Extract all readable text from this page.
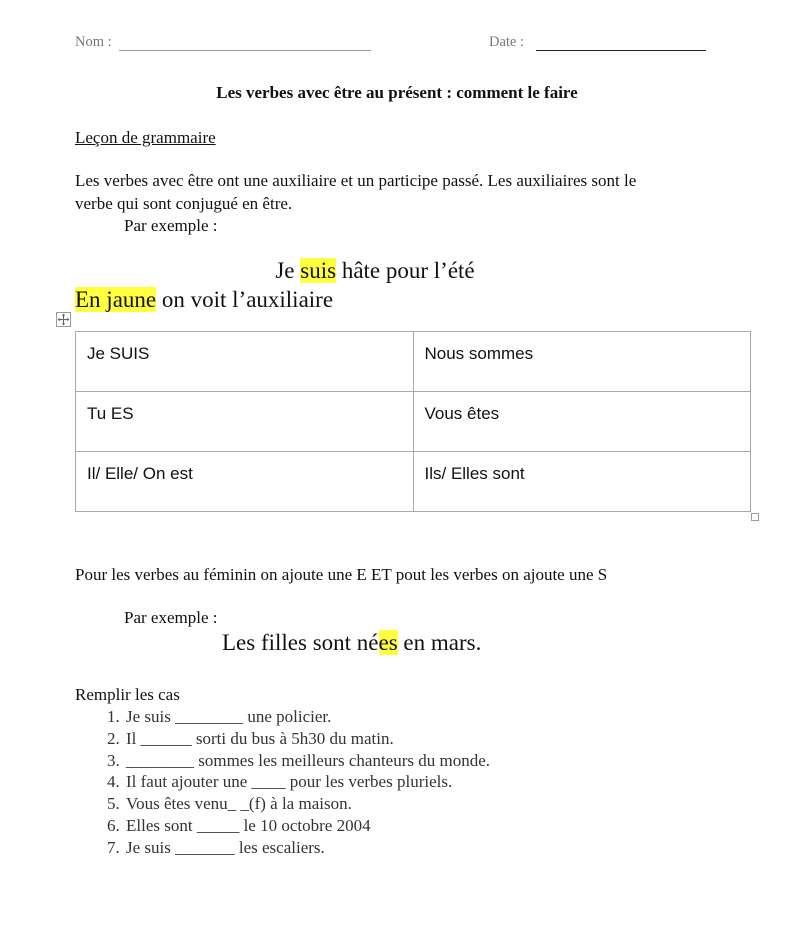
Nom :	Date :
Les verbes avec être au présent : comment le faire
Leçon de grammaire
Les verbes avec être ont une auxiliaire et un participe passé. Les auxiliaires sont le
verbe qui sont conjugué en être.
Par exemple :
Je suis hâte pour l’été
En jaune on voit l’auxiliaire
Je SUIS	Nous sommes
Tu ES	Vous êtes
Il/ Elle/ On est	Ils/ Elles sont
Pour les verbes au féminin on ajoute une E ET pout les verbes on ajoute une S
Par exemple :
Les filles sont nées en mars.
Remplir les cas
1. Je suis ________ une policier.
2. Il ______ sorti du bus à 5h30 du matin.
3. ________ sommes les meilleurs chanteurs du monde.
4. Il faut ajouter une ____ pour les verbes pluriels.
5. Vous êtes venu_ _(f) à la maison.
6. Elles sont _____ le 10 octobre 2004
7. Je suis _______ les escaliers.
